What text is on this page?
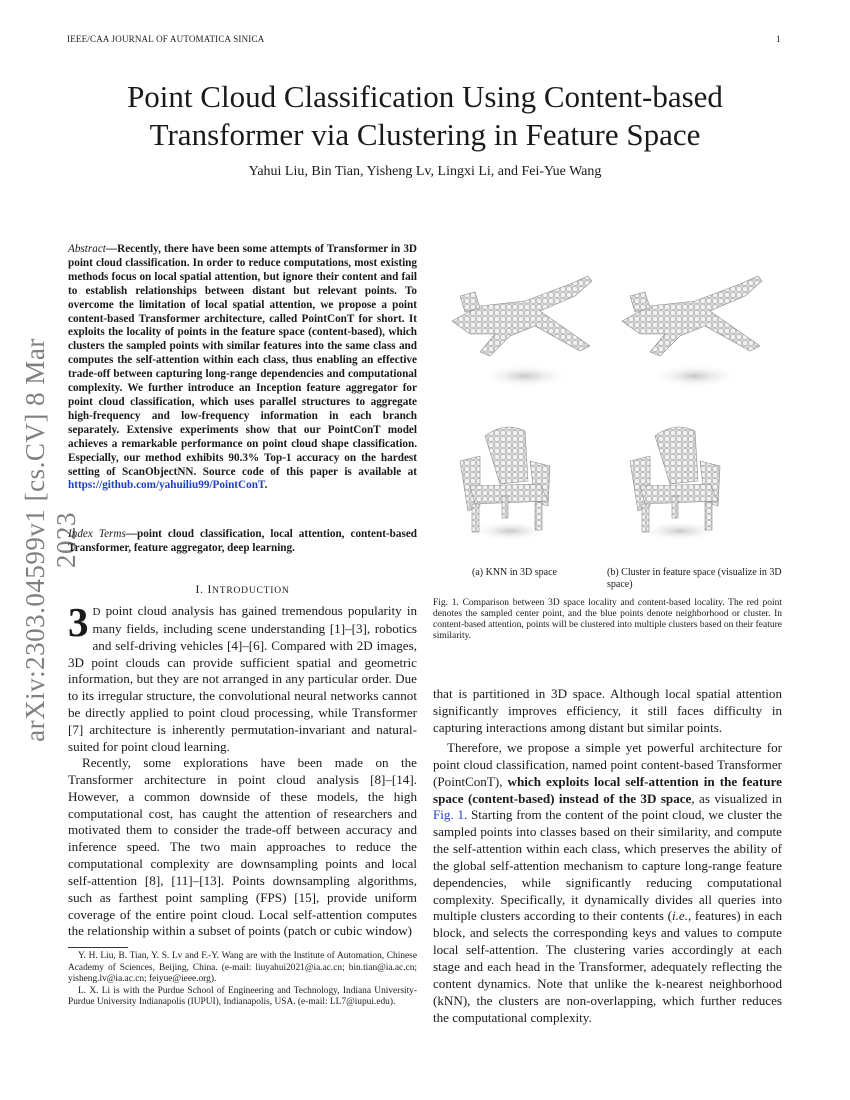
IEEE/CAA JOURNAL OF AUTOMATICA SINICA	1
Point Cloud Classification Using Content-based Transformer via Clustering in Feature Space
Yahui Liu, Bin Tian, Yisheng Lv, Lingxi Li, and Fei-Yue Wang
arXiv:2303.04599v1 [cs.CV] 8 Mar 2023
Abstract—Recently, there have been some attempts of Transformer in 3D point cloud classification. In order to reduce computations, most existing methods focus on local spatial attention, but ignore their content and fail to establish relationships between distant but relevant points. To overcome the limitation of local spatial attention, we propose a point content-based Transformer architecture, called PointConT for short. It exploits the locality of points in the feature space (content-based), which clusters the sampled points with similar features into the same class and computes the self-attention within each class, thus enabling an effective trade-off between capturing long-range dependencies and computational complexity. We further introduce an Inception feature aggregator for point cloud classification, which uses parallel structures to aggregate high-frequency and low-frequency information in each branch separately. Extensive experiments show that our PointConT model achieves a remarkable performance on point cloud shape classification. Especially, our method exhibits 90.3% Top-1 accuracy on the hardest setting of ScanObjectNN. Source code of this paper is available at https://github.com/yahuiliu99/PointConT.
Index Terms—point cloud classification, local attention, content-based Transformer, feature aggregator, deep learning.
I. INTRODUCTION
3 D point cloud analysis has gained tremendous popularity in many fields, including scene understanding [1]–[3], robotics and self-driving vehicles [4]–[6]. Compared with 2D images, 3D point clouds can provide sufficient spatial and geometric information, but they are not arranged in any particular order. Due to its irregular structure, the convolutional neural networks cannot be directly applied to point cloud processing, while Transformer [7] architecture is inherently permutation-invariant and natural-suited for point cloud learning.
Recently, some explorations have been made on the Transformer architecture in point cloud analysis [8]–[14]. However, a common downside of these models, the high computational cost, has caught the attention of researchers and motivated them to consider the trade-off between accuracy and inference speed. The two main approaches to reduce the computational complexity are downsampling points and local self-attention [8], [11]–[13]. Points downsampling algorithms, such as farthest point sampling (FPS) [15], provide uniform coverage of the entire point cloud. Local self-attention computes the relationship within a subset of points (patch or cubic window)

Y. H. Liu, B. Tian, Y. S. Lv and F.-Y. Wang are with the Institute of Automation, Chinese Academy of Sciences, Beijing, China. (e-mail: liuyahui2021@ia.ac.cn; bin.tian@ia.ac.cn; yisheng.lv@ia.ac.cn; feiyue@ieee.org).

L. X. Li is with the Purdue School of Engineering and Technology, Indiana University-Purdue University Indianapolis (IUPUI), Indianapolis, USA. (e-mail: LL7@iupui.edu).

(a) KNN in 3D space	(b) Cluster in feature space (visualize in 3D space)
Fig. 1. Comparison between 3D space locality and content-based locality. The red point denotes the sampled center point, and the blue points denote neighborhood or cluster. In content-based attention, points will be clustered into multiple clusters based on their feature similarity.
that is partitioned in 3D space. Although local spatial attention significantly improves efficiency, it still faces difficulty in capturing interactions among distant but similar points.
Therefore, we propose a simple yet powerful architecture for point cloud classification, named point content-based Transformer (PointConT), which exploits local self-attention in the feature space (content-based) instead of the 3D space, as visualized in Fig. 1. Starting from the content of the point cloud, we cluster the sampled points into classes based on their similarity, and compute the self-attention within each class, which preserves the ability of the global self-attention mechanism to capture long-range feature dependencies, while significantly reducing computational complexity. Specifically, it dynamically divides all queries into multiple clusters according to their contents (i.e., features) in each block, and selects the corresponding keys and values to compute local self-attention. The clustering varies accordingly at each stage and each head in the Transformer, adequately reflecting the content dynamics. Note that unlike the k-nearest neighborhood (kNN), the clusters are non-overlapping, which further reduces the computational complexity.
